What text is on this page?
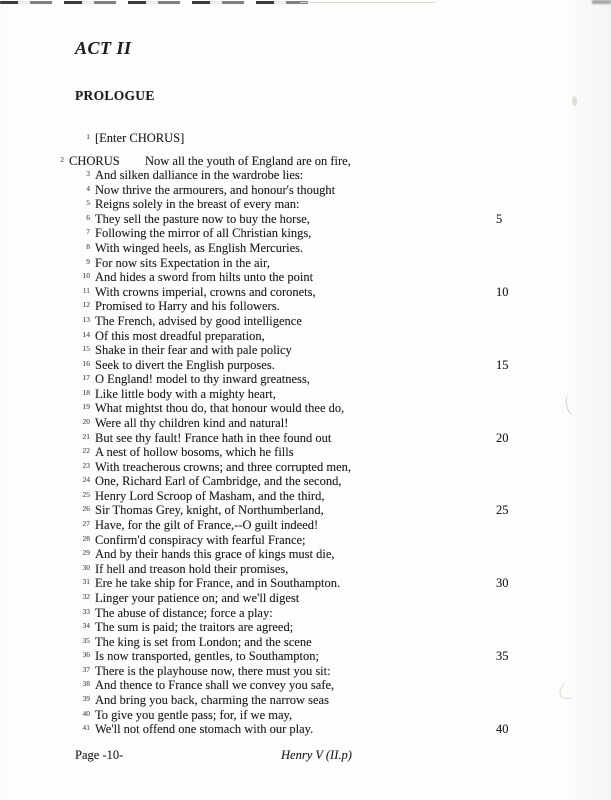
ACT II
PROLOGUE
1 [Enter CHORUS]
2 CHORUS Now all the youth of England are on fire,
3 And silken dalliance in the wardrobe lies:
4 Now thrive the armourers, and honour's thought
5 Reigns solely in the breast of every man:
6 They sell the pasture now to buy the horse,	5
7 Following the mirror of all Christian kings,
8 With winged heels, as English Mercuries.
9 For now sits Expectation in the air,
10 And hides a sword from hilts unto the point
11 With crowns imperial, crowns and coronets,	10
12 Promised to Harry and his followers.
13 The French, advised by good intelligence
14 Of this most dreadful preparation,
15 Shake in their fear and with pale policy
16 Seek to divert the English purposes.	15
17 O England! model to thy inward greatness,
18 Like little body with a mighty heart,
19 What mightst thou do, that honour would thee do,
20 Were all thy children kind and natural!
21 But see thy fault! France hath in thee found out	20
22 A nest of hollow bosoms, which he fills
23 With treacherous crowns; and three corrupted men,
24 One, Richard Earl of Cambridge, and the second,
25 Henry Lord Scroop of Masham, and the third,
26 Sir Thomas Grey, knight, of Northumberland,	25
27 Have, for the gilt of France,--O guilt indeed!
28 Confirm'd conspiracy with fearful France;
29 And by their hands this grace of kings must die,
30 If hell and treason hold their promises,
31 Ere he take ship for France, and in Southampton.	30
32 Linger your patience on; and we'll digest
33 The abuse of distance; force a play:
34 The sum is paid; the traitors are agreed;
35 The king is set from London; and the scene
36 Is now transported, gentles, to Southampton;	35
37 There is the playhouse now, there must you sit:
38 And thence to France shall we convey you safe,
39 And bring you back, charming the narrow seas
40 To give you gentle pass; for, if we may,
41 We'll not offend one stomach with our play.	40
Page -10-	Henry V (II.p)
